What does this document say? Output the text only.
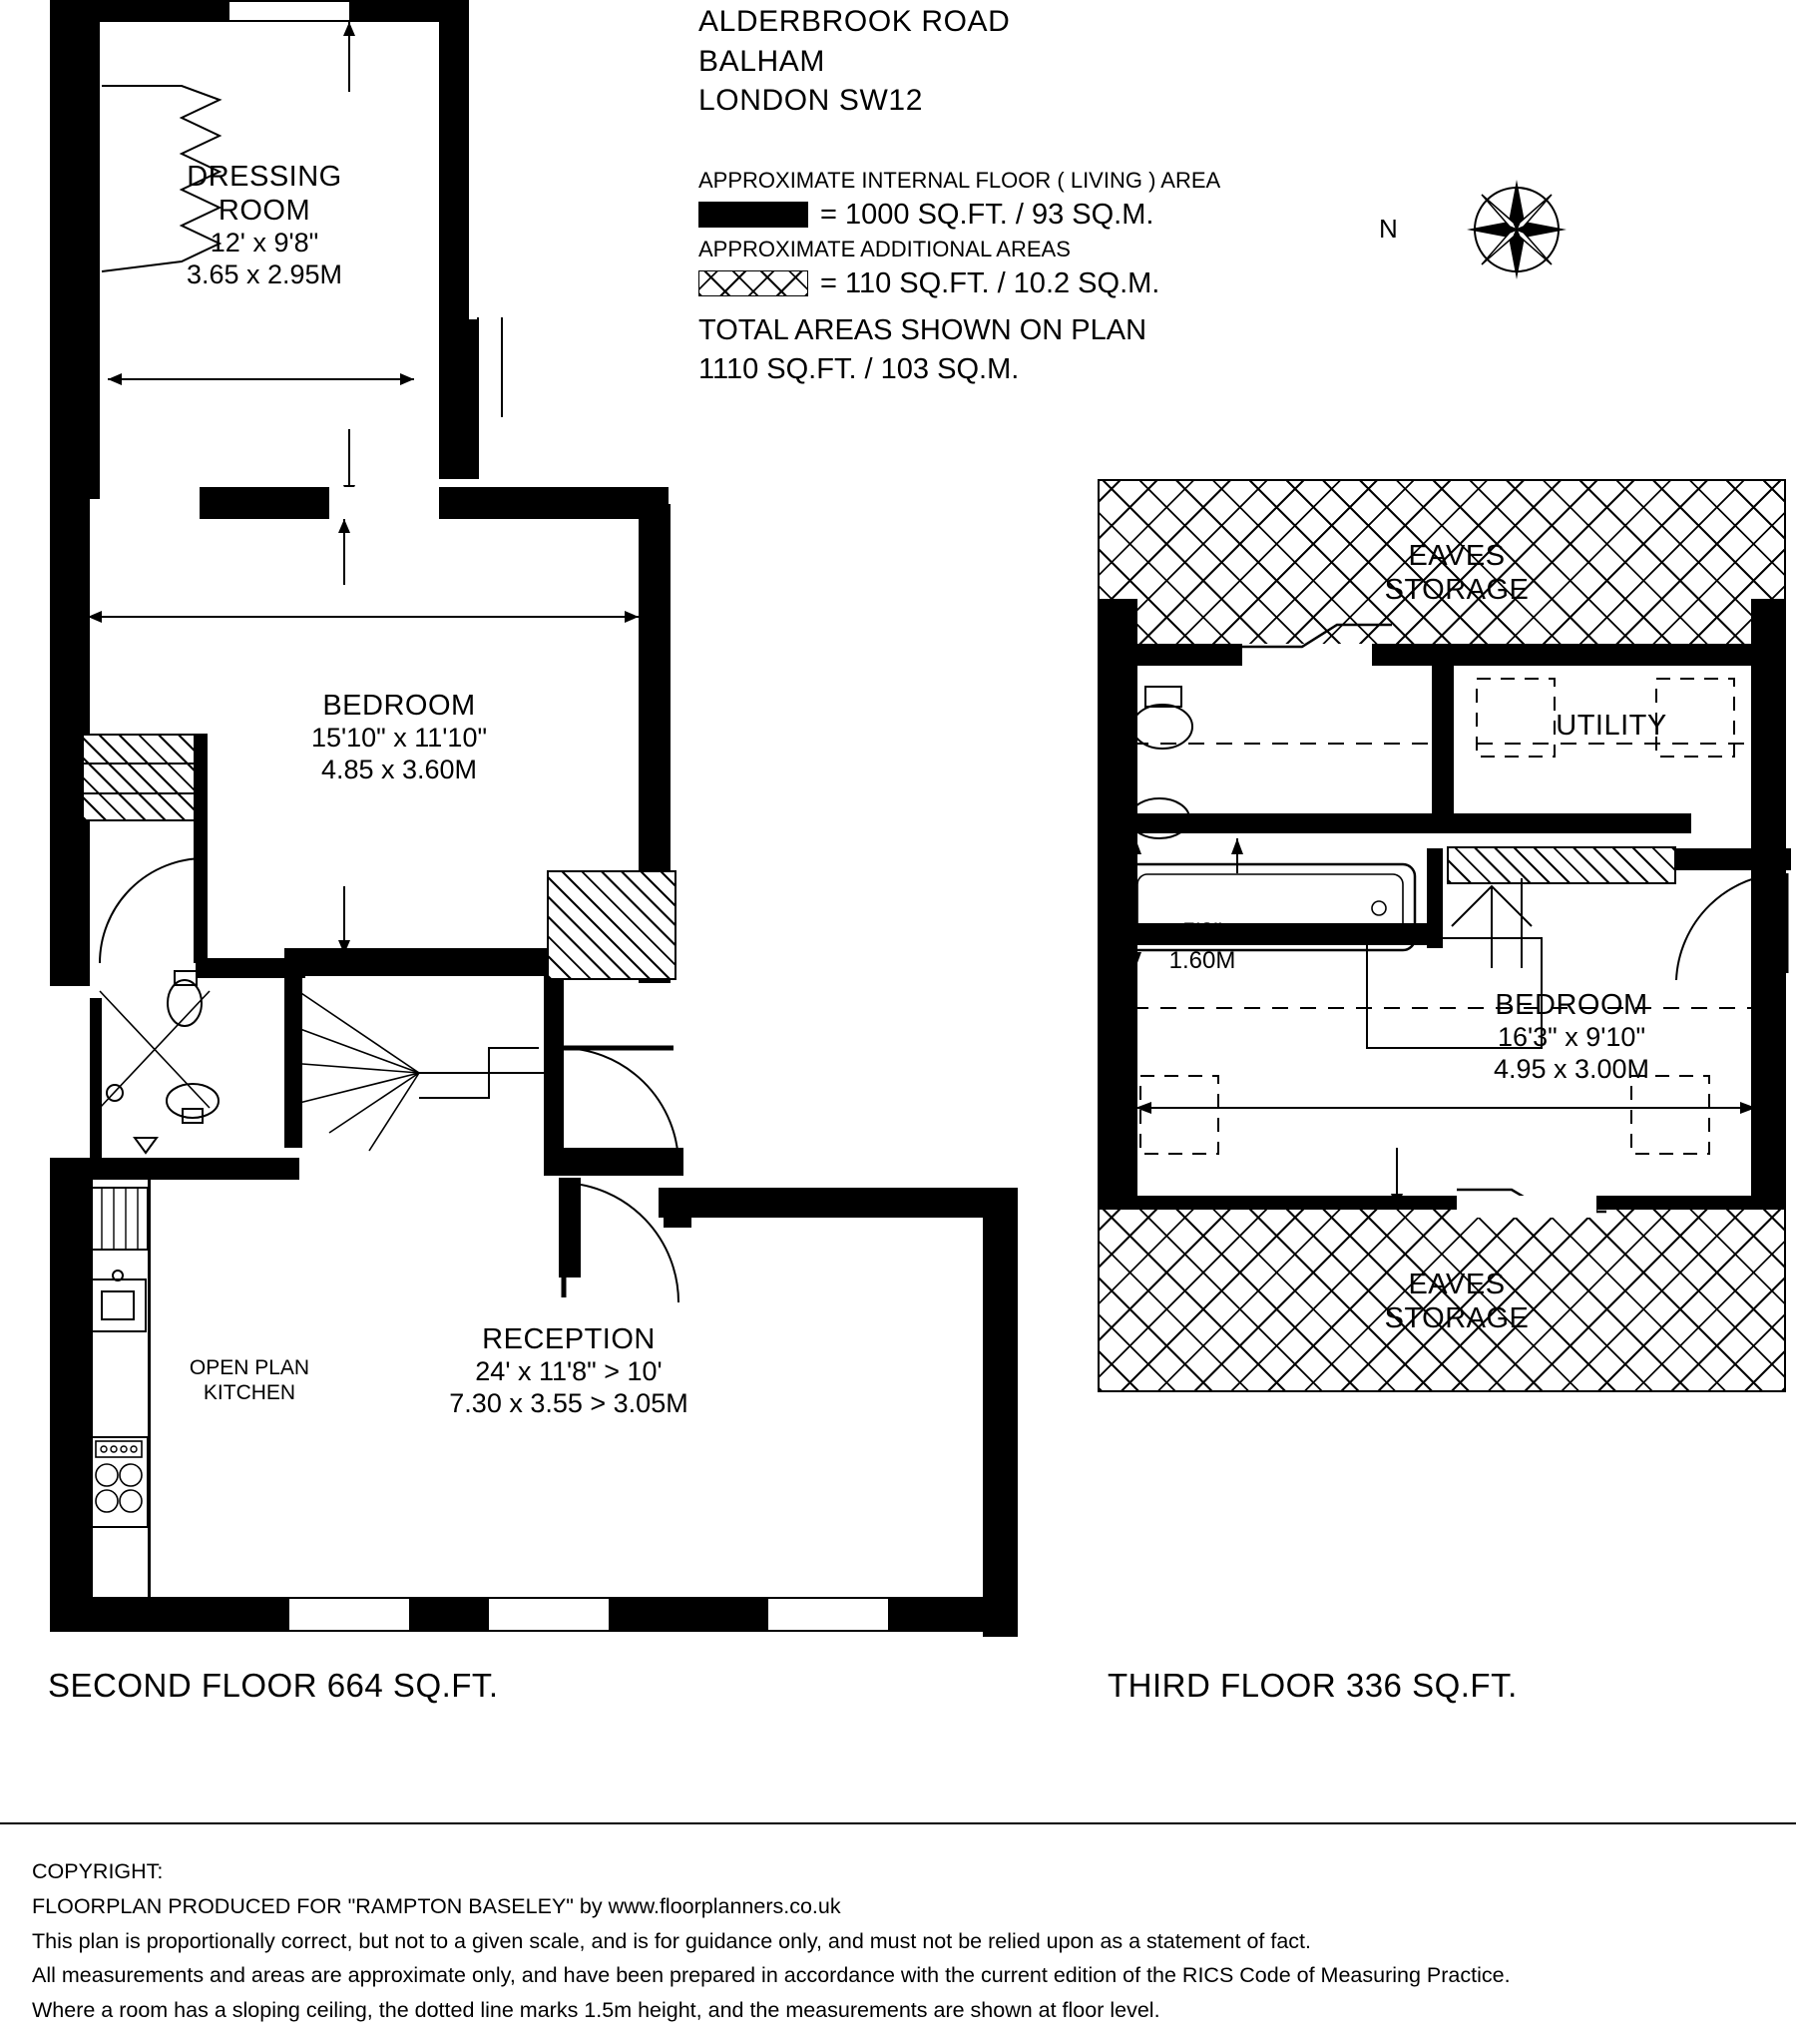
ALDERBROOK ROAD
BALHAM
LONDON SW12
APPROXIMATE INTERNAL FLOOR ( LIVING ) AREA
= 1000 SQ.FT. / 93 SQ.M.
APPROXIMATE ADDITIONAL AREAS
= 110 SQ.FT. / 10.2 SQ.M.
TOTAL AREAS SHOWN ON PLAN
1110 SQ.FT. / 103 SQ.M.
N
DRESSING
ROOM
12' x 9'8"
3.65 x 2.95M
BEDROOM
15'10" x 11'10"
4.85 x 3.60M
OPEN PLAN
KITCHEN
RECEPTION
24' x 11'8" > 10'
7.30 x 3.55 > 3.05M
SECOND FLOOR 664 SQ.FT.
EAVES
STORAGE
UTILITY
BEDROOM
16'3" x 9'10"
4.95 x 3.00M
5'3"
1.60M
EAVES
STORAGE
THIRD FLOOR 336 SQ.FT.
COPYRIGHT:
FLOORPLAN PRODUCED FOR "RAMPTON BASELEY" by www.floorplanners.co.uk
This plan is proportionally correct, but not to a given scale, and is for guidance only, and must not be relied upon as a statement of fact.
All measurements and areas are approximate only, and have been prepared in accordance with the current edition of the RICS Code of Measuring Practice.
Where a room has a sloping ceiling, the dotted line marks 1.5m height, and the measurements are shown at floor level.
